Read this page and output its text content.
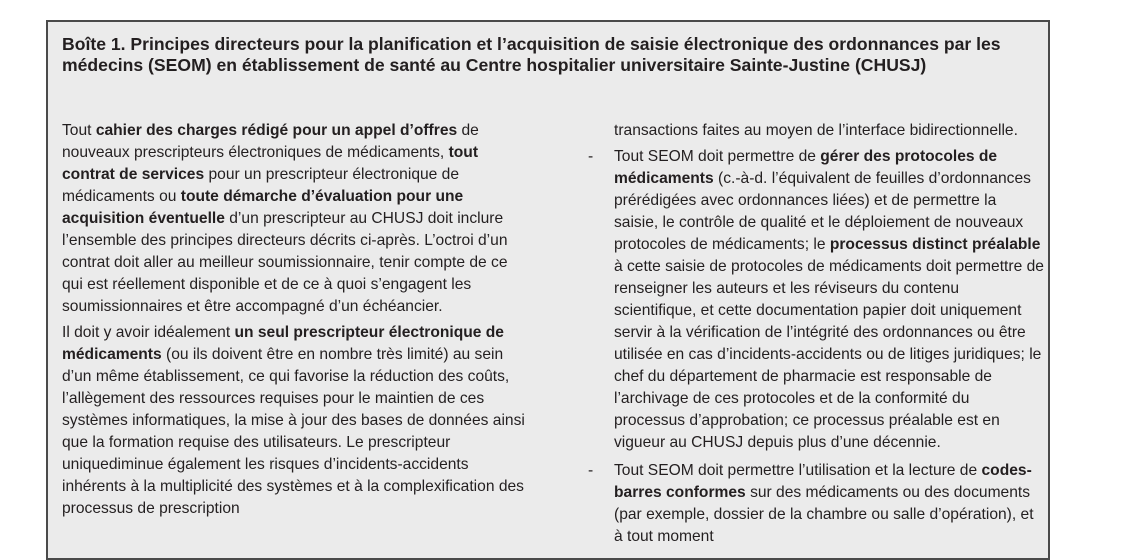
Boîte 1. Principes directeurs pour la planification et l’acquisition de saisie électronique des ordonnances par les médecins (SEOM) en établissement de santé au Centre hospitalier universitaire Sainte-Justine (CHUSJ)

Tout cahier des charges rédigé pour un appel d’offres de nouveaux prescripteurs électroniques de médicaments, tout contrat de services pour un prescripteur électronique de médicaments ou toute démarche d’évaluation pour une acquisition éventuelle d’un prescripteur au CHUSJ doit inclure l’ensemble des principes directeurs décrits ci-après. L’octroi d’un contrat doit aller au meilleur soumissionnaire, tenir compte de ce qui est réellement disponible et de ce à quoi s’engagent les soumissionnaires et être accompagné d’un échéancier.

Il doit y avoir idéalement un seul prescripteur électronique de médicaments (ou ils doivent être en nombre très limité) au sein d’un même établissement, ce qui favorise la réduction des coûts, l’allègement des ressources requises pour le maintien de ces systèmes informatiques, la mise à jour des bases de données ainsi que la formation requise des utilisateurs. Le prescripteur uniquediminue également les risques d’incidents-accidents inhérents à la multiplicité des systèmes et à la complexification des processus de prescription

transactions faites au moyen de l’interface bidirectionnelle.

- Tout SEOM doit permettre de gérer des protocoles de médicaments (c.-à-d. l’équivalent de feuilles d’ordonnances prérédigées avec ordonnances liées) et de permettre la saisie, le contrôle de qualité et le déploiement de nouveaux protocoles de médicaments; le processus distinct préalable à cette saisie de protocoles de médicaments doit permettre de renseigner les auteurs et les réviseurs du contenu scientifique, et cette documentation papier doit uniquement servir à la vérification de l’intégrité des ordonnances ou être utilisée en cas d’incidents-accidents ou de litiges juridiques; le chef du département de pharmacie est responsable de l’archivage de ces protocoles et de la conformité du processus d’approbation; ce processus préalable est en vigueur au CHUSJ depuis plus d’une décennie.
- Tout SEOM doit permettre l’utilisation et la lecture de codes-barres conformes sur des médicaments ou des documents (par exemple, dossier de la chambre ou salle d’opération), et à tout moment
